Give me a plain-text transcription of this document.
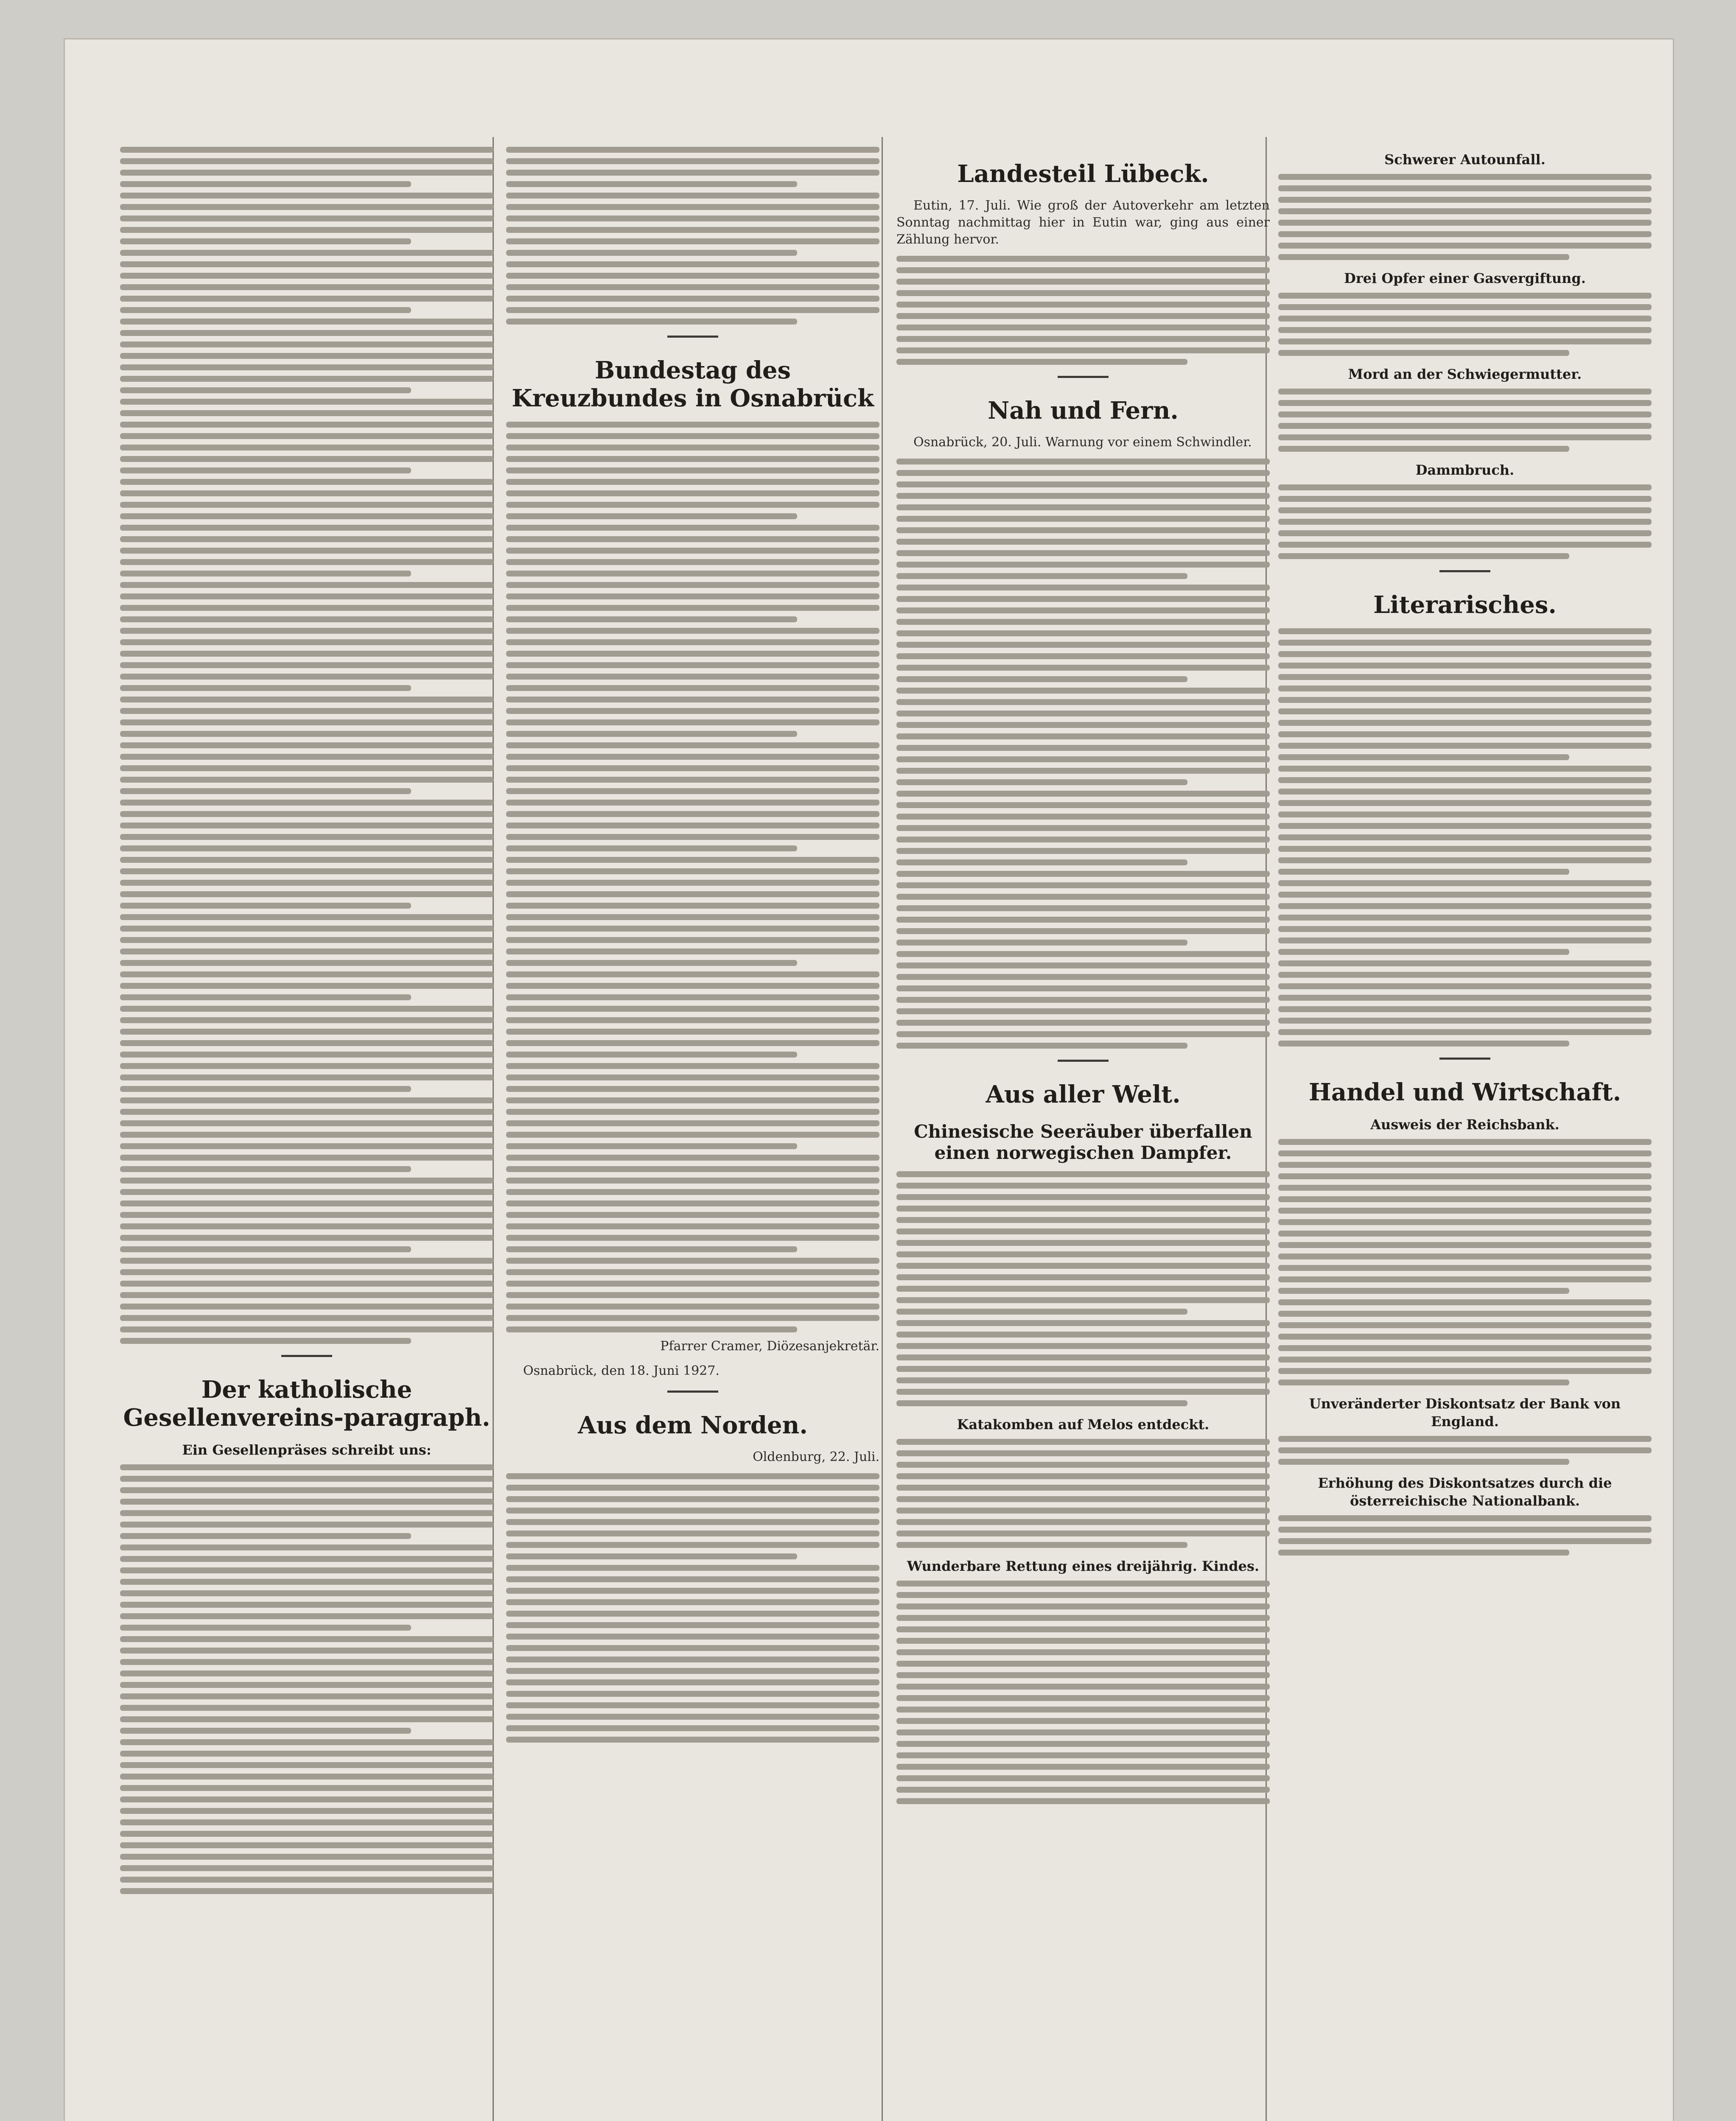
Der katholische Gesellenvereins-paragraph.
Ein Gesellenpräses schreibt uns:
Bundestag des Kreuzbundes in Osnabrück
Pfarrer Cramer, Diözesanjekretär.
Osnabrück, den 18. Juni 1927.
Aus dem Norden.
Oldenburg, 22. Juli.
Landesteil Lübeck.
Eutin, 17. Juli. Wie groß der Autoverkehr am letzten Sonntag nachmittag hier in Eutin war, ging aus einer Zählung hervor.
Nah und Fern.
Osnabrück, 20. Juli. Warnung vor einem Schwindler.
Aus aller Welt.
Chinesische Seeräuber überfallen einen norwegischen Dampfer.
Katakomben auf Melos entdeckt.
Wunderbare Rettung eines dreijährig. Kindes.
Schwerer Autounfall.
Drei Opfer einer Gasvergiftung.
Mord an der Schwiegermutter.
Dammbruch.
Literarisches.
Handel und Wirtschaft.
Ausweis der Reichsbank.
Unveränderter Diskontsatz der Bank von England.
Erhöhung des Diskontsatzes durch die österreichische Nationalbank.
